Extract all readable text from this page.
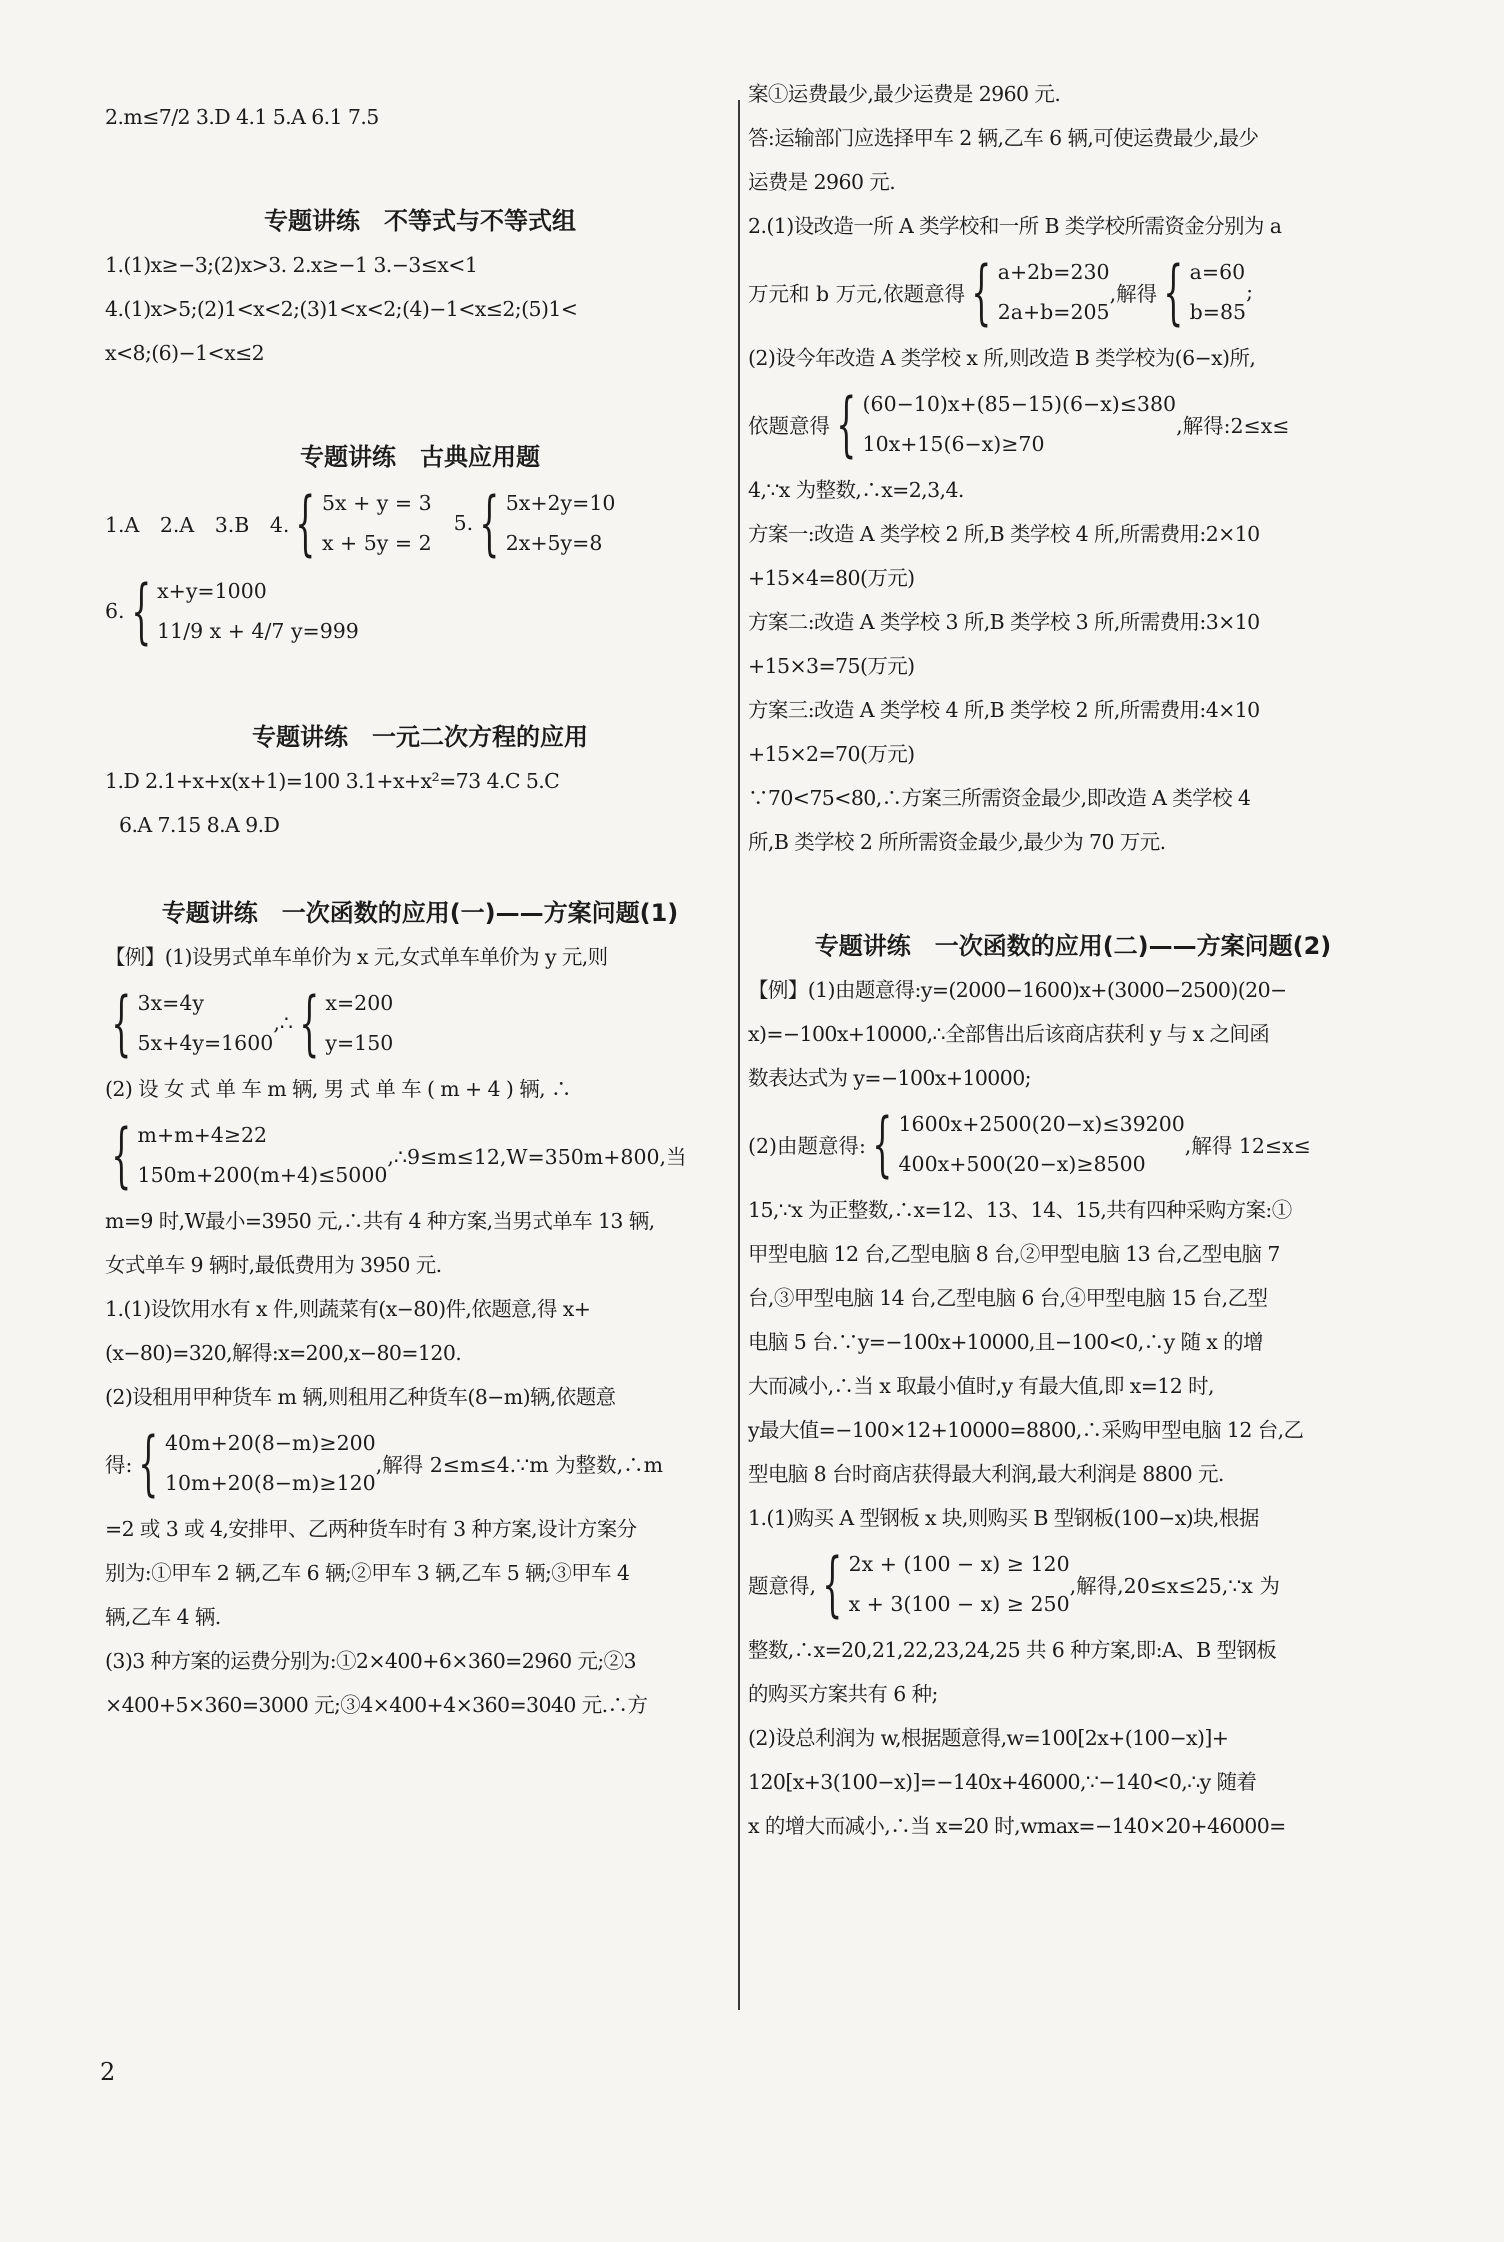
2.m≤7/2 3.D 4.1 5.A 6.1 7.5

专题讲练　不等式与不等式组

1.(1)x≥−3;(2)x>3. 2.x≥−1 3.−3≤x<1

4.(1)x>5;(2)1<x<2;(3)1<x<2;(4)−1<x≤2;(5)1<

x<8;(6)−1<x≤2

专题讲练　古典应用题

1.A　2.A　3.B　4. { 5x + y = 3
x + 5y = 2
5. { 5x+2y=10
2x+5y=8
6. { x+y=1000
11/9 x + 4/7 y=999

专题讲练　一元二次方程的应用

1.D 2.1+x+x(x+1)=100 3.1+x+x²=73 4.C 5.C

6.A 7.15 8.A 9.D

专题讲练　一次函数的应用(一)——方案问题(1)

【例】(1)设男式单车单价为 x 元,女式单车单价为 y 元,则

{ 3x=4y
5x+4y=1600
,∴ { x=200
y=150

(2) 设 女 式 单 车 m 辆, 男 式 单 车 ( m + 4 ) 辆, ∴

{ m+m+4≥22
150m+200(m+4)≤5000
,∴9≤m≤12,W=350m+800,当

m=9 时,W最小=3950 元,∴共有 4 种方案,当男式单车 13 辆,

女式单车 9 辆时,最低费用为 3950 元.

1.(1)设饮用水有 x 件,则蔬菜有(x−80)件,依题意,得 x+

(x−80)=320,解得:x=200,x−80=120.

(2)设租用甲种货车 m 辆,则租用乙种货车(8−m)辆,依题意

得: { 40m+20(8−m)≥200
10m+20(8−m)≥120
,解得 2≤m≤4.∵m 为整数,∴m

=2 或 3 或 4,安排甲、乙两种货车时有 3 种方案,设计方案分

别为:①甲车 2 辆,乙车 6 辆;②甲车 3 辆,乙车 5 辆;③甲车 4

辆,乙车 4 辆.

(3)3 种方案的运费分别为:①2×400+6×360=2960 元;②3

×400+5×360=3000 元;③4×400+4×360=3040 元.∴方

案①运费最少,最少运费是 2960 元.

答:运输部门应选择甲车 2 辆,乙车 6 辆,可使运费最少,最少

运费是 2960 元.

2.(1)设改造一所 A 类学校和一所 B 类学校所需资金分别为 a

万元和 b 万元,依题意得 { a+2b=230
2a+b=205
,解得 { a=60
b=85
;

(2)设今年改造 A 类学校 x 所,则改造 B 类学校为(6−x)所,

依题意得 { (60−10)x+(85−15)(6−x)≤380
10x+15(6−x)≥70
,解得:2≤x≤

4,∵x 为整数,∴x=2,3,4.

方案一:改造 A 类学校 2 所,B 类学校 4 所,所需费用:2×10

+15×4=80(万元)

方案二:改造 A 类学校 3 所,B 类学校 3 所,所需费用:3×10

+15×3=75(万元)

方案三:改造 A 类学校 4 所,B 类学校 2 所,所需费用:4×10

+15×2=70(万元)

∵70<75<80,∴方案三所需资金最少,即改造 A 类学校 4

所,B 类学校 2 所所需资金最少,最少为 70 万元.

专题讲练　一次函数的应用(二)——方案问题(2)

【例】(1)由题意得:y=(2000−1600)x+(3000−2500)(20−

x)=−100x+10000,∴全部售出后该商店获利 y 与 x 之间函

数表达式为 y=−100x+10000;

(2)由题意得: { 1600x+2500(20−x)≤39200
400x+500(20−x)≥8500
,解得 12≤x≤

15,∵x 为正整数,∴x=12、13、14、15,共有四种采购方案:①

甲型电脑 12 台,乙型电脑 8 台,②甲型电脑 13 台,乙型电脑 7

台,③甲型电脑 14 台,乙型电脑 6 台,④甲型电脑 15 台,乙型

电脑 5 台.∵y=−100x+10000,且−100<0,∴y 随 x 的增

大而减小,∴当 x 取最小值时,y 有最大值,即 x=12 时,

y最大值=−100×12+10000=8800,∴采购甲型电脑 12 台,乙

型电脑 8 台时商店获得最大利润,最大利润是 8800 元.

1.(1)购买 A 型钢板 x 块,则购买 B 型钢板(100−x)块,根据

题意得, { 2x + (100 − x) ≥ 120
x + 3(100 − x) ≥ 250
,解得,20≤x≤25,∵x 为

整数,∴x=20,21,22,23,24,25 共 6 种方案,即:A、B 型钢板

的购买方案共有 6 种;

(2)设总利润为 w,根据题意得,w=100[2x+(100−x)]+

120[x+3(100−x)]=−140x+46000,∵−140<0,∴y 随着

x 的增大而减小,∴当 x=20 时,wmax=−140×20+46000=

2
